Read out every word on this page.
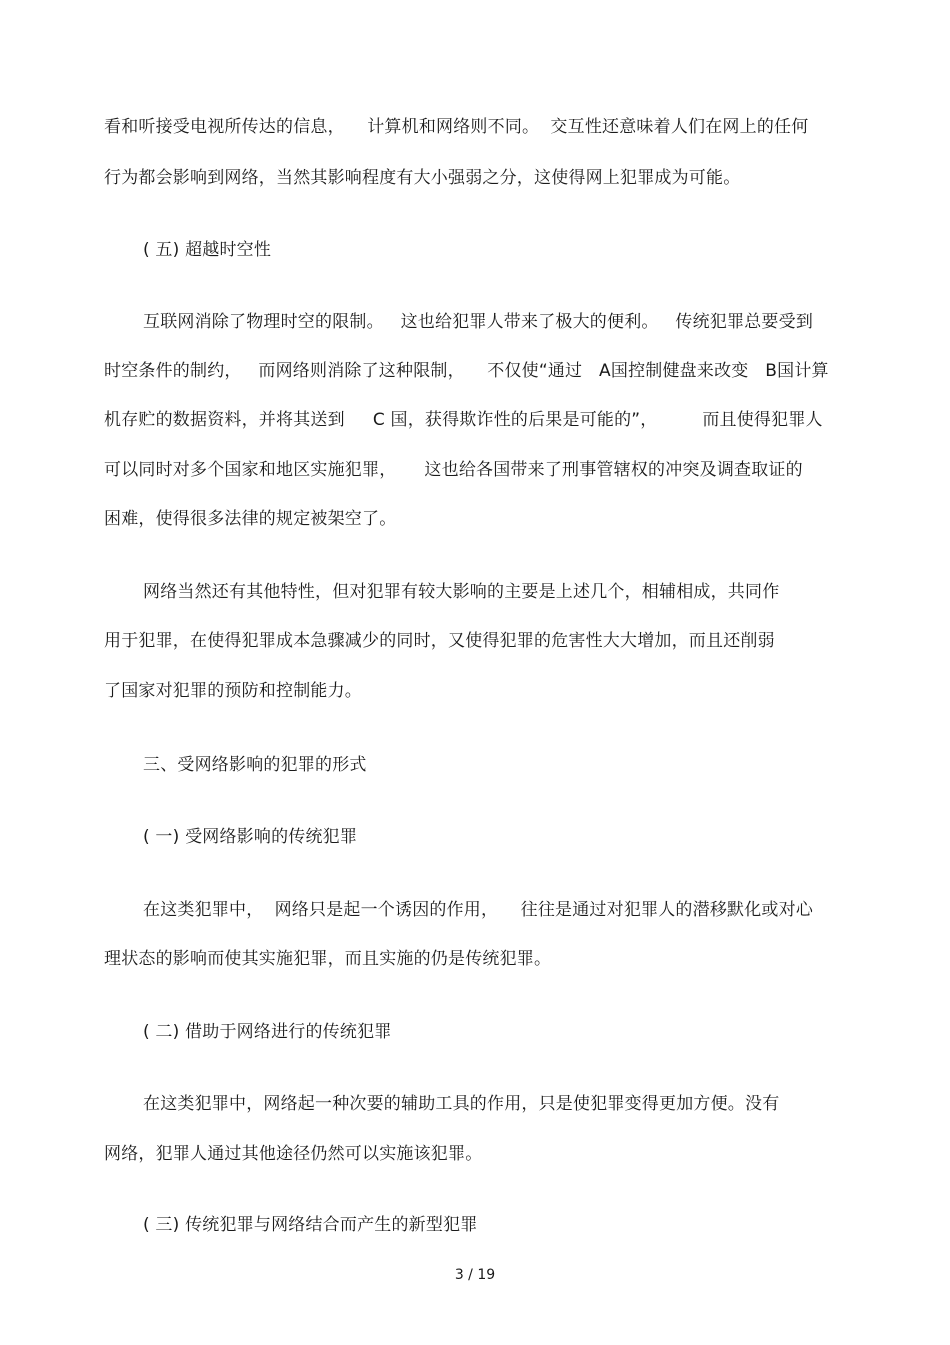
看和听接受电视所传达的信息，    计算机和网络则不同。  交互性还意味着人们在网上的任何

行为都会影响到网络，当然其影响程度有大小强弱之分，这使得网上犯罪成为可能。

( 五) 超越时空性

互联网消除了物理时空的限制。   这也给犯罪人带来了极大的便利。   传统犯罪总要受到

时空条件的制约，   而网络则消除了这种限制，    不仅使“通过   A国控制健盘来改变   B国计算

机存贮的数据资料，并将其送到     C 国，获得欺诈性的后果是可能的”，        而且使得犯罪人

可以同时对多个国家和地区实施犯罪，     这也给各国带来了刑事管辖权的冲突及调查取证的

困难，使得很多法律的规定被架空了。

网络当然还有其他特性，但对犯罪有较大影响的主要是上述几个，相辅相成，共同作

用于犯罪，在使得犯罪成本急骤减少的同时，又使得犯罪的危害性大大增加，而且还削弱

了国家对犯罪的预防和控制能力。

三、受网络影响的犯罪的形式

( 一) 受网络影响的传统犯罪

在这类犯罪中，  网络只是起一个诱因的作用，    往往是通过对犯罪人的潜移默化或对心

理状态的影响而使其实施犯罪，而且实施的仍是传统犯罪。

( 二) 借助于网络进行的传统犯罪

在这类犯罪中，网络起一种次要的辅助工具的作用，只是使犯罪变得更加方便。没有

网络，犯罪人通过其他途径仍然可以实施该犯罪。

( 三) 传统犯罪与网络结合而产生的新型犯罪

3 / 19
